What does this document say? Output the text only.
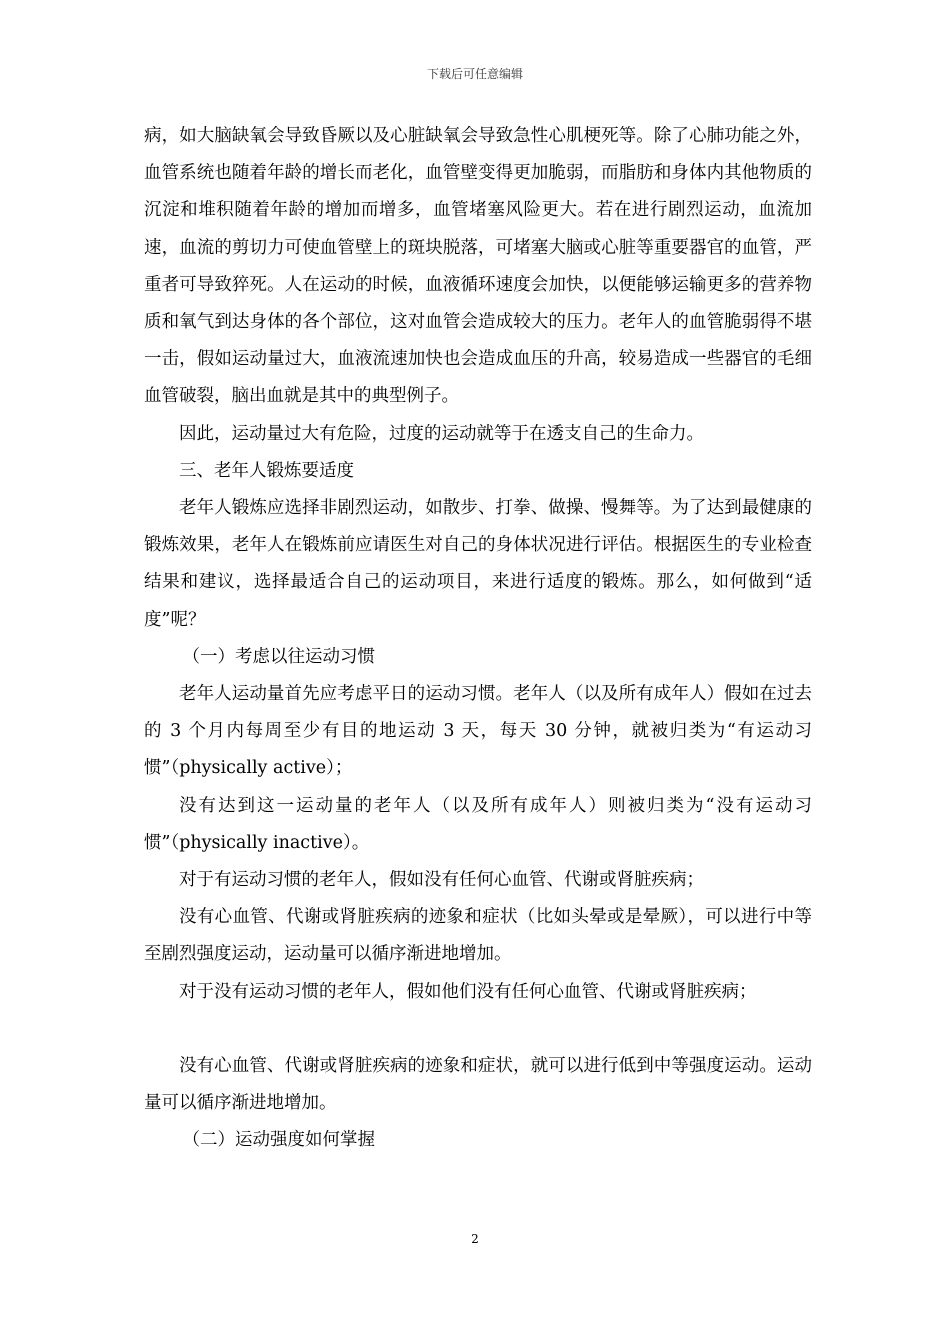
下载后可任意编辑

病，如大脑缺氧会导致昏厥以及心脏缺氧会导致急性心肌梗死等。除了心肺功能之外，血管系统也随着年龄的增长而老化，血管壁变得更加脆弱，而脂肪和身体内其他物质的沉淀和堆积随着年龄的增加而增多，血管堵塞风险更大。若在进行剧烈运动，血流加速，血流的剪切力可使血管壁上的斑块脱落，可堵塞大脑或心脏等重要器官的血管，严重者可导致猝死。人在运动的时候，血液循环速度会加快，以便能够运输更多的营养物质和氧气到达身体的各个部位，这对血管会造成较大的压力。老年人的血管脆弱得不堪一击，假如运动量过大，血液流速加快也会造成血压的升高，较易造成一些器官的毛细血管破裂，脑出血就是其中的典型例子。

因此，运动量过大有危险，过度的运动就等于在透支自己的生命力。

三、老年人锻炼要适度

老年人锻炼应选择非剧烈运动，如散步、打拳、做操、慢舞等。为了达到最健康的锻炼效果，老年人在锻炼前应请医生对自己的身体状况进行评估。根据医生的专业检查结果和建议，选择最适合自己的运动项目，来进行适度的锻炼。那么，如何做到“适度”呢？

（一）考虑以往运动习惯

老年人运动量首先应考虑平日的运动习惯。老年人（以及所有成年人）假如在过去的 3 个月内每周至少有目的地运动 3 天，每天 30 分钟，就被归类为“有运动习惯”（physically active）；

没有达到这一运动量的老年人（以及所有成年人）则被归类为“没有运动习惯”（physically inactive）。

对于有运动习惯的老年人，假如没有任何心血管、代谢或肾脏疾病；

没有心血管、代谢或肾脏疾病的迹象和症状（比如头晕或是晕厥），可以进行中等至剧烈强度运动，运动量可以循序渐进地增加。

对于没有运动习惯的老年人，假如他们没有任何心血管、代谢或肾脏疾病；

没有心血管、代谢或肾脏疾病的迹象和症状，就可以进行低到中等强度运动。运动量可以循序渐进地增加。

（二）运动强度如何掌握

2
